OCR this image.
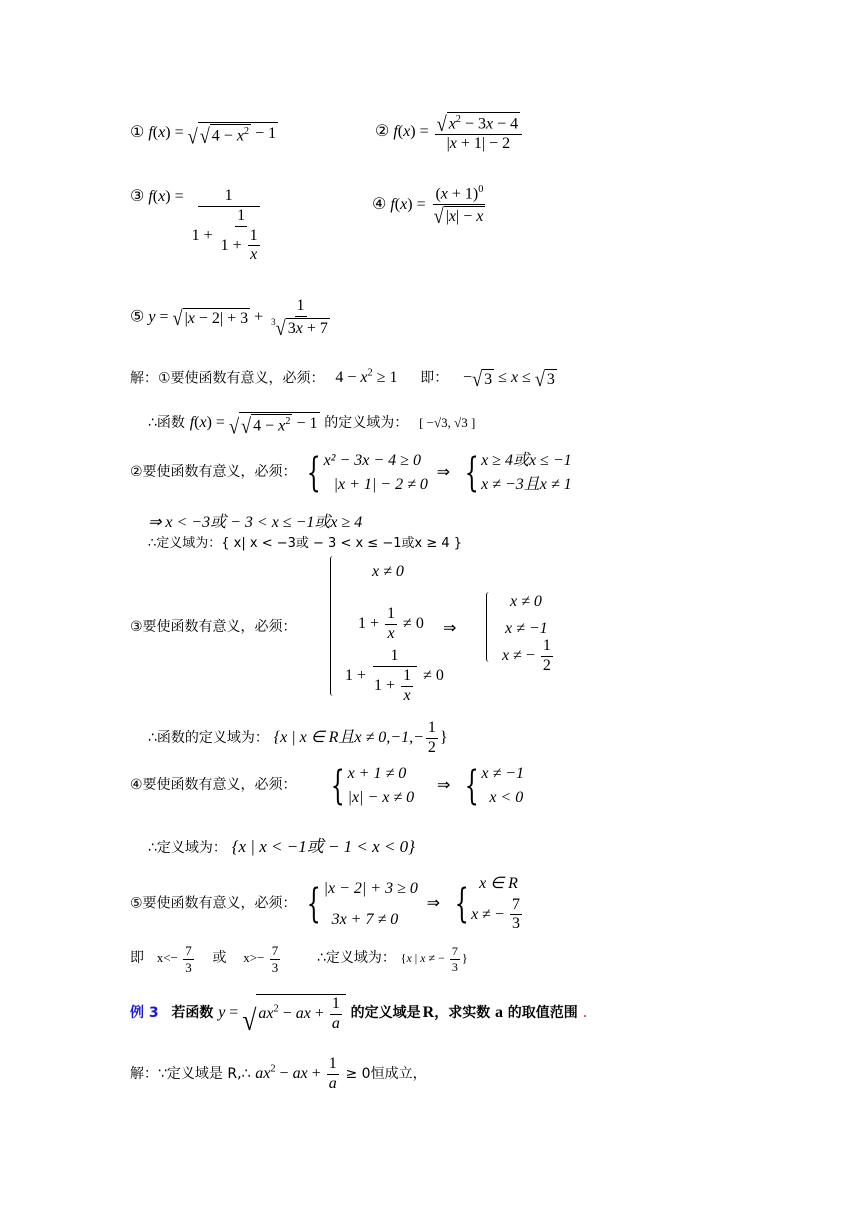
① f(x) = √ √ $4 - x^2 - 1$	② $f(x) = \frac{√ x^2 - 3x - 4}{|x + 1| - 2}$
③ $f(x) = \frac{1}{1 + \frac{1}{1 + \frac{1}{x}}}$	④ $f(x) = \frac{(x + 1)^0}{√ |x| - x}$
⑤ y = √ $|x - 2| + 3 + \frac{1}{^3 √ 3x + 7}$
解：①要使函数有意义，必须： $4 - x^2 \ge 1$ 即： − √ 3 ≤ x ≤ √ 3
∴函数 f(x) = √ √ $4 - x^2 - 1$ 的定义域为： [ −√3, √3 ]
②要使函数有意义，必须： { x² − 3x − 4 ≥ 0
|x + 1| − 2 ≠ 0
⇒ { x ≥ 4或x ≤ −1
x ≠ −3且x ≠ 1
⇒ x < −3或 − 3 < x ≤ −1或x ≥ 4
∴定义域为：{ x| x < −3或 − 3 < x ≤ −1或x ≥ 4 }
③要使函数有意义，必须：
x ≠ 0
$1 + \frac{1}{x} \ne 0$
$1 + \frac{1}{1 + \frac{1}{x}} \ne 0$
⇒
x ≠ 0
x ≠ −1
x ≠ − $\frac{1}{2}$
∴函数的定义域为： {x | x ∈ R且$x \ne 0,-1,- \frac{1}{2}$ }
④要使函数有意义，必须： { x + 1 ≠ 0
|x| − x ≠ 0
⇒ { x ≠ −1
x < 0
∴定义域为： {x | x < −1或 − 1 < x < 0}
⑤要使函数有意义，必须： { |x − 2| + 3 ≥ 0
3x + 7 ≠ 0
⇒ { x ∈ R
x ≠ − $\frac{7}{3}$
即 $x<- \frac{7}{3}$ 或 $x>- \frac{7}{3}$	∴定义域为： {x | x ≠ − $\frac{7}{3}$ }
例 3 若函数 y = √ $ax^2$ − ax + $\frac{1}{a}$ 的定义域是 R，求实数 a 的取值范围 .
解：∵定义域是 R,∴ $ax^2$ − ax + $\frac{1}{a} \ge 0$恒成立，
